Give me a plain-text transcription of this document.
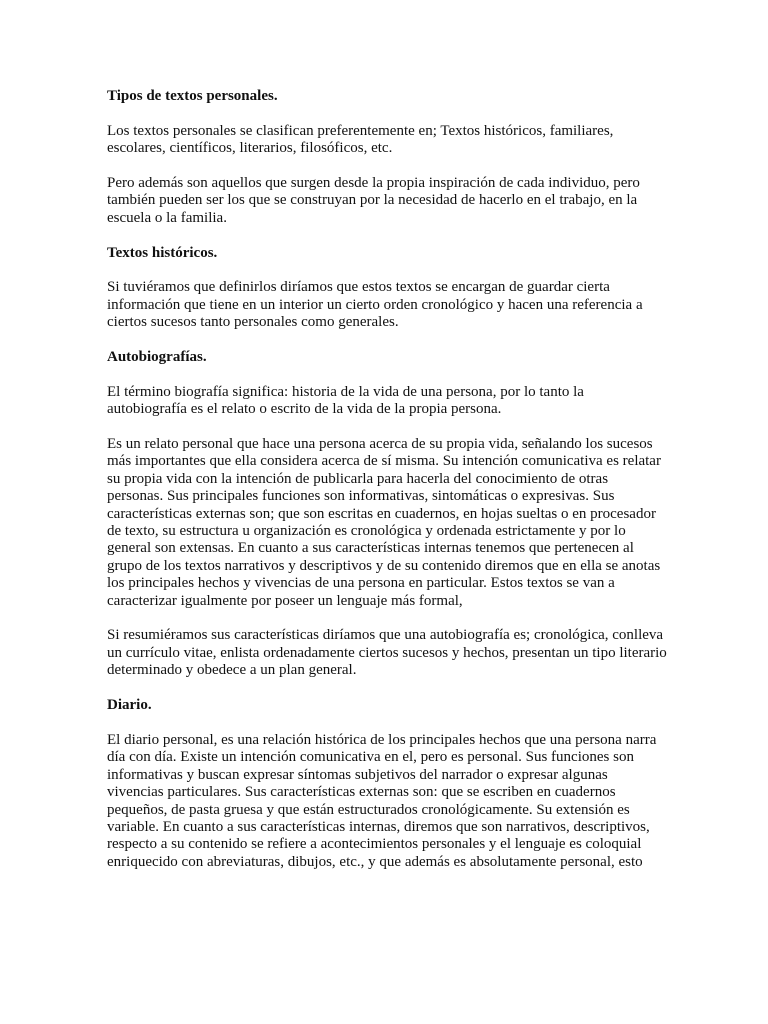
Tipos de textos personales.

Los textos personales se clasifican preferentemente en; Textos históricos, familiares, escolares, científicos, literarios, filosóficos, etc.

Pero además son aquellos que surgen desde la propia inspiración de cada individuo, pero también pueden ser los que se construyan por la necesidad de hacerlo en el trabajo, en la escuela o la familia.

Textos históricos.

Si tuviéramos que definirlos diríamos que estos textos se encargan de guardar cierta información que tiene en un interior un cierto orden cronológico y hacen una referencia a ciertos sucesos tanto personales como generales.

Autobiografías.

El término biografía significa: historia de la vida de una persona, por lo tanto la autobiografía es el relato o escrito de la vida de la propia persona.

Es un relato personal que hace una persona acerca de su propia vida, señalando los sucesos más importantes que ella considera acerca de sí misma. Su intención comunicativa es relatar su propia vida con la intención de publicarla para hacerla del conocimiento de otras personas. Sus principales funciones son informativas, sintomáticas o expresivas. Sus características externas son; que son escritas en cuadernos, en hojas sueltas o en procesador de texto, su estructura u organización es cronológica y ordenada estrictamente y por lo general son extensas. En cuanto a sus características internas tenemos que pertenecen al grupo de los textos narrativos y descriptivos y de su contenido diremos que en ella se anotas los principales hechos y vivencias de una persona en particular. Estos textos se van a caracterizar igualmente por poseer un lenguaje más formal,

Si resumiéramos sus características diríamos que una autobiografía es; cronológica, conlleva un currículo vitae, enlista ordenadamente ciertos sucesos y hechos, presentan un tipo literario determinado y obedece a un plan general.

Diario.

El diario personal, es una relación histórica de los principales hechos que una persona narra día con día. Existe un intención comunicativa en el, pero es personal. Sus funciones son informativas y buscan expresar síntomas subjetivos del narrador o expresar algunas vivencias particulares. Sus características externas son: que se escriben en cuadernos pequeños, de pasta gruesa y que están estructurados cronológicamente. Su extensión es variable. En cuanto a sus características internas, diremos que son narrativos, descriptivos, respecto a su contenido se refiere a acontecimientos personales y el lenguaje es coloquial enriquecido con abreviaturas, dibujos, etc., y que además es absolutamente personal, esto
